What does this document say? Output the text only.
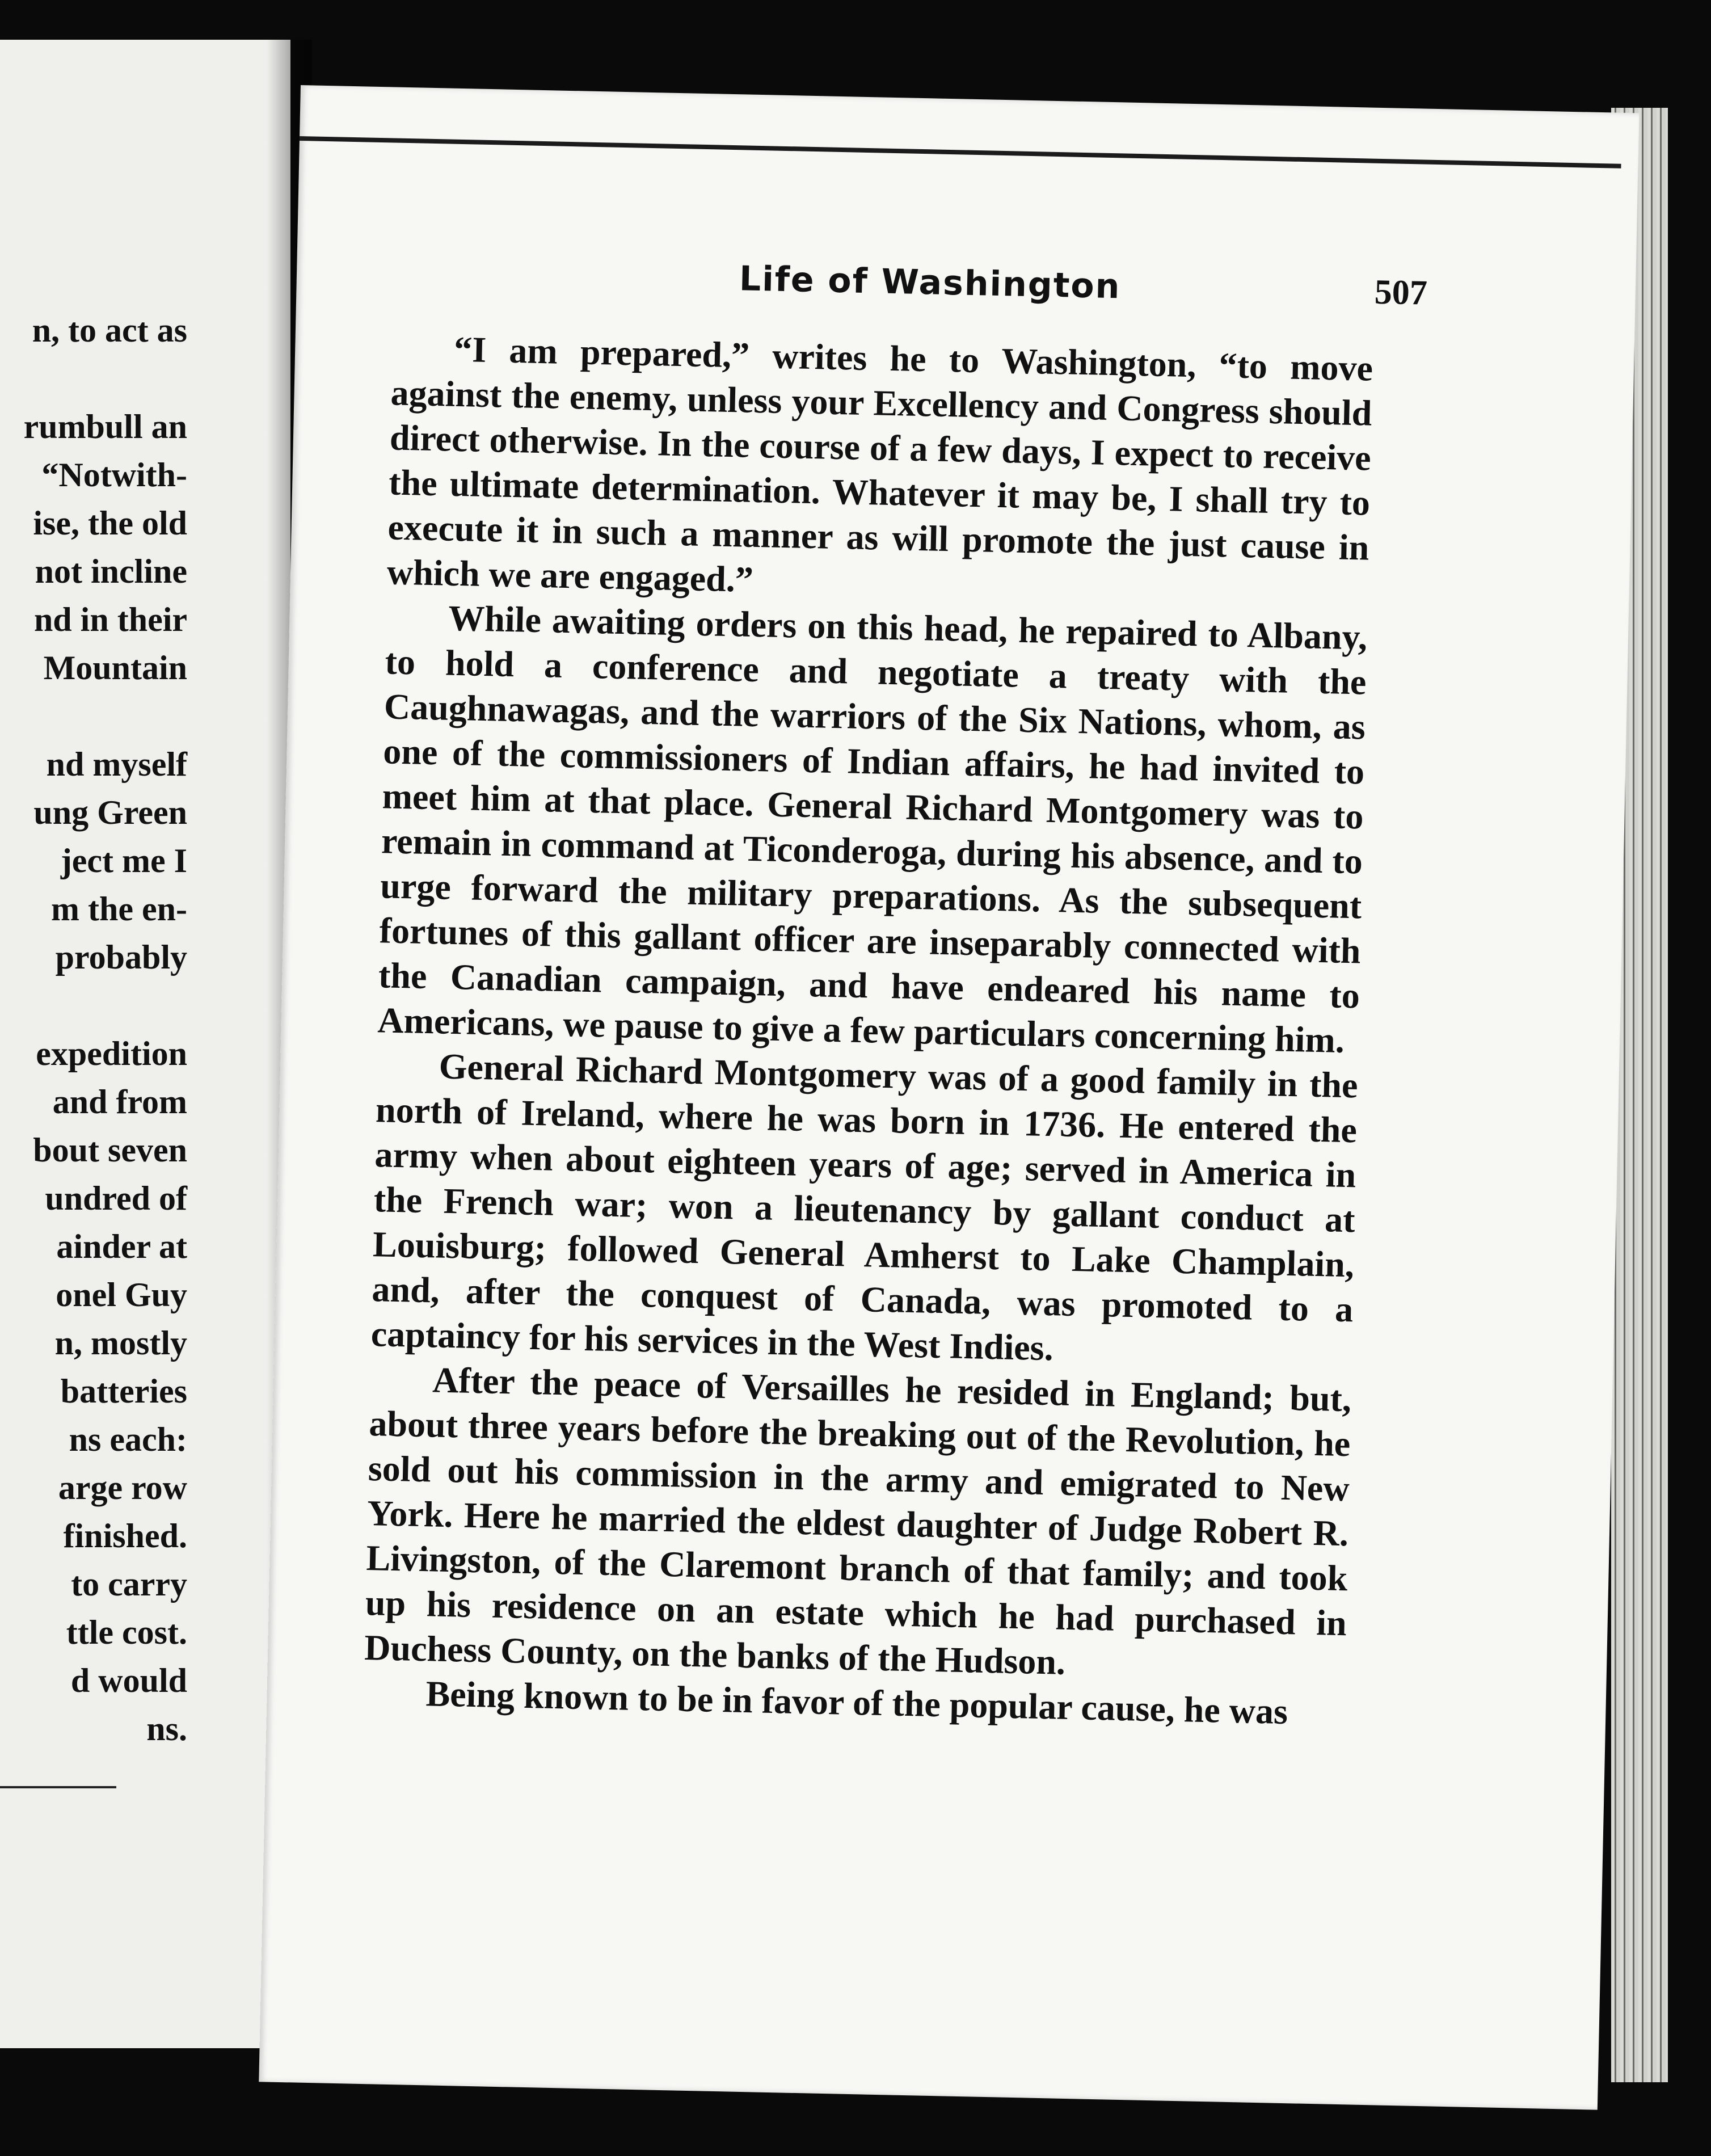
n, to act as
rumbull an
“Notwith-
ise, the old
not incline
nd in their
Mountain
nd myself
ung Green
ject me I
m the en-
probably
expedition
and from
bout seven
undred of
ainder at
onel Guy
n, mostly
batteries
ns each:
arge row
finished.
to carry
ttle cost.
d would
ns.
Life of Washington	507

“I am prepared,” writes he to Washington, “to move against the enemy, unless your Excellency and Congress should direct otherwise. In the course of a few days, I expect to receive the ultimate determination. Whatever it may be, I shall try to execute it in such a manner as will promote the just cause in which we are engaged.”

While awaiting orders on this head, he repaired to Albany, to hold a conference and negotiate a treaty with the Caughnawagas, and the warriors of the Six Nations, whom, as one of the commissioners of Indian affairs, he had invited to meet him at that place. General Richard Montgomery was to remain in command at Ticonderoga, during his absence, and to urge forward the military preparations. As the subsequent fortunes of this gallant officer are inseparably connected with the Canadian campaign, and have endeared his name to Americans, we pause to give a few particulars concerning him.

General Richard Montgomery was of a good family in the north of Ireland, where he was born in 1736. He entered the army when about eighteen years of age; served in America in the French war; won a lieutenancy by gallant conduct at Louisburg; followed General Amherst to Lake Champlain, and, after the conquest of Canada, was promoted to a captaincy for his services in the West Indies.

After the peace of Versailles he resided in England; but, about three years before the breaking out of the Revolution, he sold out his commission in the army and emigrated to New York. Here he married the eldest daughter of Judge Robert R. Livingston, of the Claremont branch of that family; and took up his residence on an estate which he had purchased in Duchess County, on the banks of the Hudson.

Being known to be in favor of the popular cause, he was
